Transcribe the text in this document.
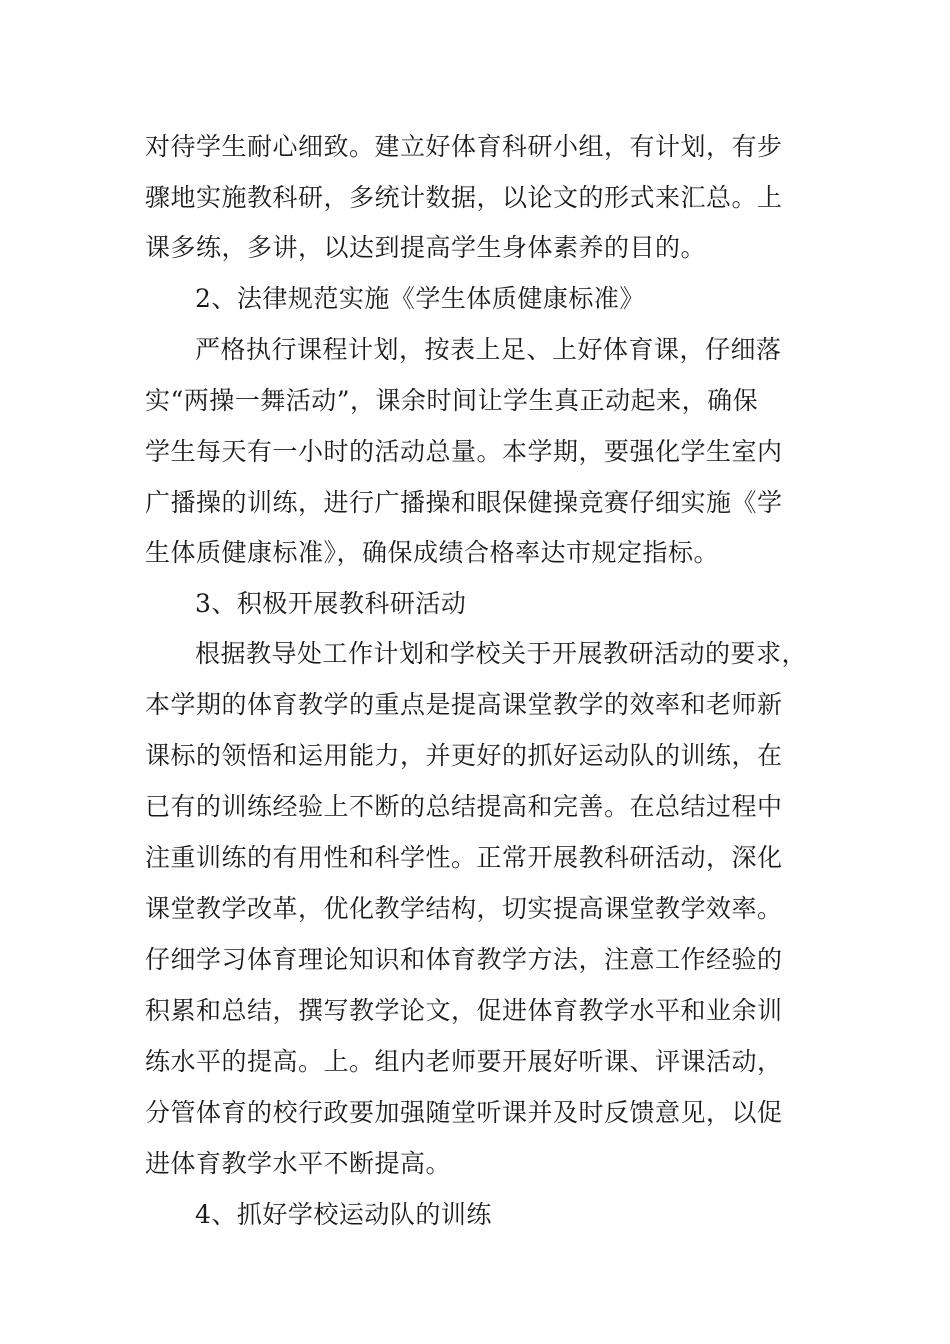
对待学生耐心细致。建立好体育科研小组，有计划，有步
骤地实施教科研，多统计数据，以论文的形式来汇总。上
课多练，多讲，以达到提高学生身体素养的目的。
2、法律规范实施《学生体质健康标准》
严格执行课程计划，按表上足、上好体育课，仔细落
实“两操一舞活动”，课余时间让学生真正动起来，确保
学生每天有一小时的活动总量。本学期，要强化学生室内
广播操的训练，进行广播操和眼保健操竞赛仔细实施《学
生体质健康标准》，确保成绩合格率达市规定指标。
3、积极开展教科研活动
根据教导处工作计划和学校关于开展教研活动的要求，
本学期的体育教学的重点是提高课堂教学的效率和老师新
课标的领悟和运用能力，并更好的抓好运动队的训练，在
已有的训练经验上不断的总结提高和完善。在总结过程中
注重训练的有用性和科学性。正常开展教科研活动，深化
课堂教学改革，优化教学结构，切实提高课堂教学效率。
仔细学习体育理论知识和体育教学方法，注意工作经验的
积累和总结，撰写教学论文，促进体育教学水平和业余训
练水平的提高。上。组内老师要开展好听课、评课活动，
分管体育的校行政要加强随堂听课并及时反馈意见，以促
进体育教学水平不断提高。
4、抓好学校运动队的训练
